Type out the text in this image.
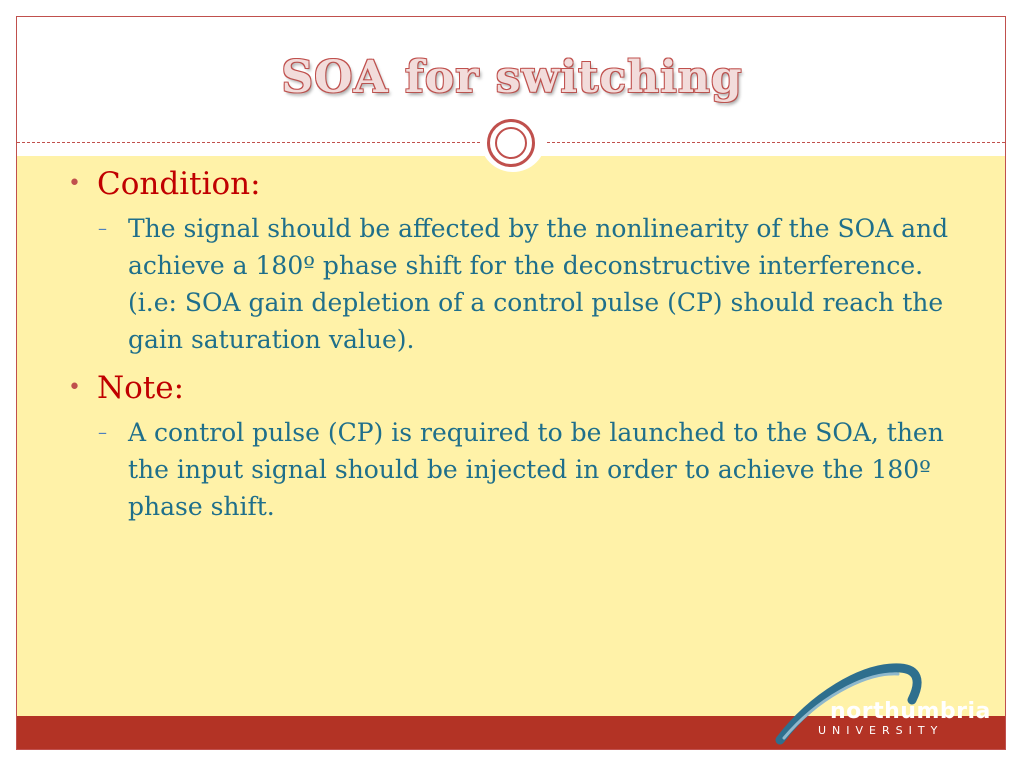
SOA for switching
• Condition:
– The signal should be affected by the nonlinearity of the SOA and achieve a 180º phase shift for the deconstructive interference. (i.e: SOA gain depletion of a control pulse (CP) should reach the gain saturation value).
• Note:
– A control pulse (CP) is required to be launched to the SOA, then the input signal should be injected in order to achieve the 180º phase shift.
northumbria
UNIVERSITY
